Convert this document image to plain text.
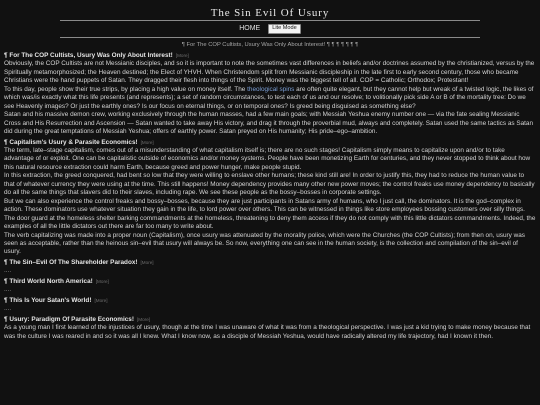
The Sin Evil Of Usury
HOME	Lite Mode
¶ For The COP Cultists, Usury Was Only About Interest! ¶ ¶ ¶ ¶ ¶ ¶ ¶
¶ For The COP Cultists, Usury Was Only About Interest! [More]

Obviously, the COP Cultists are not Messianic disciples, and so it is important to note the sometimes vast differences in beliefs and/or doctrines assumed by the christianized, versus by the Spiritually metamorphosized; the Heaven destined; the Elect of YHVH. When Christendom split from Messianic discipleship in the late first to early second century, those who became Christians were the hand puppets of Satan. They dragged their flesh into things of the Spirit. Money was the biggest tell of all. COP = Catholic; Orthodox; Protestant!

To this day, people show their true strips, by placing a high value on money itself. The theological spins are often quite elegant, but they cannot help but wreak of a twisted logic, the likes of which was/is exactly what this life presents (and represents); a set of random circumstances, to test each of us and our resolve; to volitionally pick side A or B of the mortality tree: Do we see Heavenly images? Or just the earthly ones? Is our focus on eternal things, or on temporal ones? Is greed being disguised as something else?

Satan and his massive demon crew, working exclusively through the human masses, had a few main goals; with Messiah Yeshua enemy number one — via the fate sealing Messianic Cross and His Resurrection and Ascension — Satan wanted to take away His victory, and drag it through the proverbial mud, always and completely. Satan used the same tactics as Satan did during the great temptations of Messiah Yeshua; offers of earthly power. Satan preyed on His humanity; His pride–ego–ambition.

¶ Capitalism's Usury & Parasite Economics! [More]

The term, late–stage capitalism, comes out of a misunderstanding of what capitalism itself is; there are no such stages! Capitalism simply means to capitalize upon and/or to take advantage of or exploit. One can be capitalistic outside of economics and/or money systems. People have been monetizing Earth for centuries, and they never stopped to think about how this natural resource extraction could harm Earth, because greed and power hunger, make people stupid.

In this extraction, the greed conquered, had bent so low that they were willing to enslave other humans; these kind still are! In order to justify this, they had to reduce the human value to that of whatever currency they were using at the time. This still happens! Money dependency provides many other new power moves; the control freaks use money dependency to basically do all the same things that slavers did to their slaves, including rape. We see these people as the bossy–bosses in corporate settings.

But we can also experience the control freaks and bossy–bosses, because they are just participants in Satans army of humans, who I just call, the dominators. It is the god–complex in action. These dominators use whatever situation they gain in the life, to lord power over others. This can be witnessed in things like store employees bossing customers over silly things. The door guard at the homeless shelter barking commandments at the homeless, threatening to deny them access if they do not comply with this little dictators commandments. Indeed, the examples of all the little dictators out there are far too many to write about.

The verb capitalizing was made into a proper noun (Capitalism), once usury was attenuated by the morality police, which were the Churches (the COP Cultists); from then on, usury was seen as acceptable, rather than the heinous sin–evil that usury will always be. So now, everything one can see in the human society, is the collection and compilation of the sin–evil of usury.

¶ The Sin–Evil Of The Shareholder Paradox! [More]
....
¶ Third World North America! [More]
....
¶ This Is Your Satan's World! [More]
....
¶ Usury: Paradigm Of Parasite Economics! [More]

As a young man I first learned of the injustices of usury, though at the time I was unaware of what it was from a theological perspective. I was just a kid trying to make money because that was the culture I was reared in and so it was all I knew. What I know now, as a disciple of Messiah Yeshua, would have radically altered my life trajectory, had I known it then.
